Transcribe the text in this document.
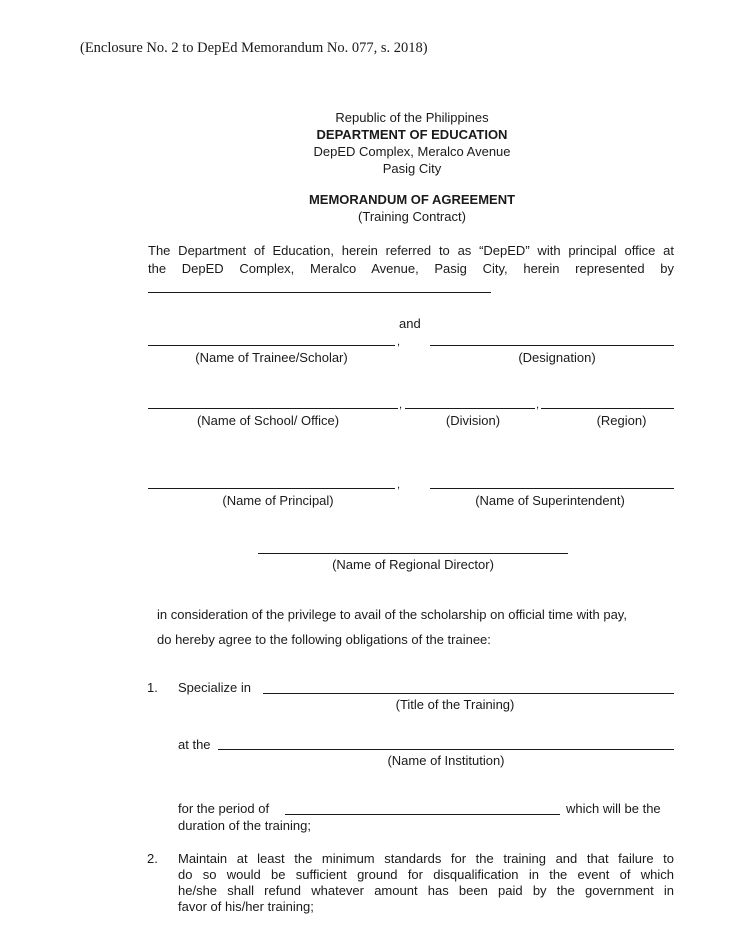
(Enclosure No. 2 to DepEd Memorandum No. 077, s. 2018)
Republic of the Philippines
DEPARTMENT OF EDUCATION
DepED Complex, Meralco Avenue
Pasig City
MEMORANDUM OF AGREEMENT
(Training Contract)
The Department of Education, herein referred to as “DepED” with principal office at
the DepED Complex, Meralco Avenue, Pasig City, herein represented by
and
,
(Name of Trainee/Scholar)	(Designation)
,	,
(Name of School/ Office)	(Division)	(Region)
,
(Name of Principal)	(Name of Superintendent)
(Name of Regional Director)
in consideration of the privilege to avail of the scholarship on official time with pay,
do hereby agree to the following obligations of the trainee:
1. Specialize in
(Title of the Training)
at the
(Name of Institution)
for the period of	which will be the
duration of the training;
2. Maintain at least the minimum standards for the training and that failure to
do so would be sufficient ground for disqualification in the event of which
he/she shall refund whatever amount has been paid by the government in
favor of his/her training;
